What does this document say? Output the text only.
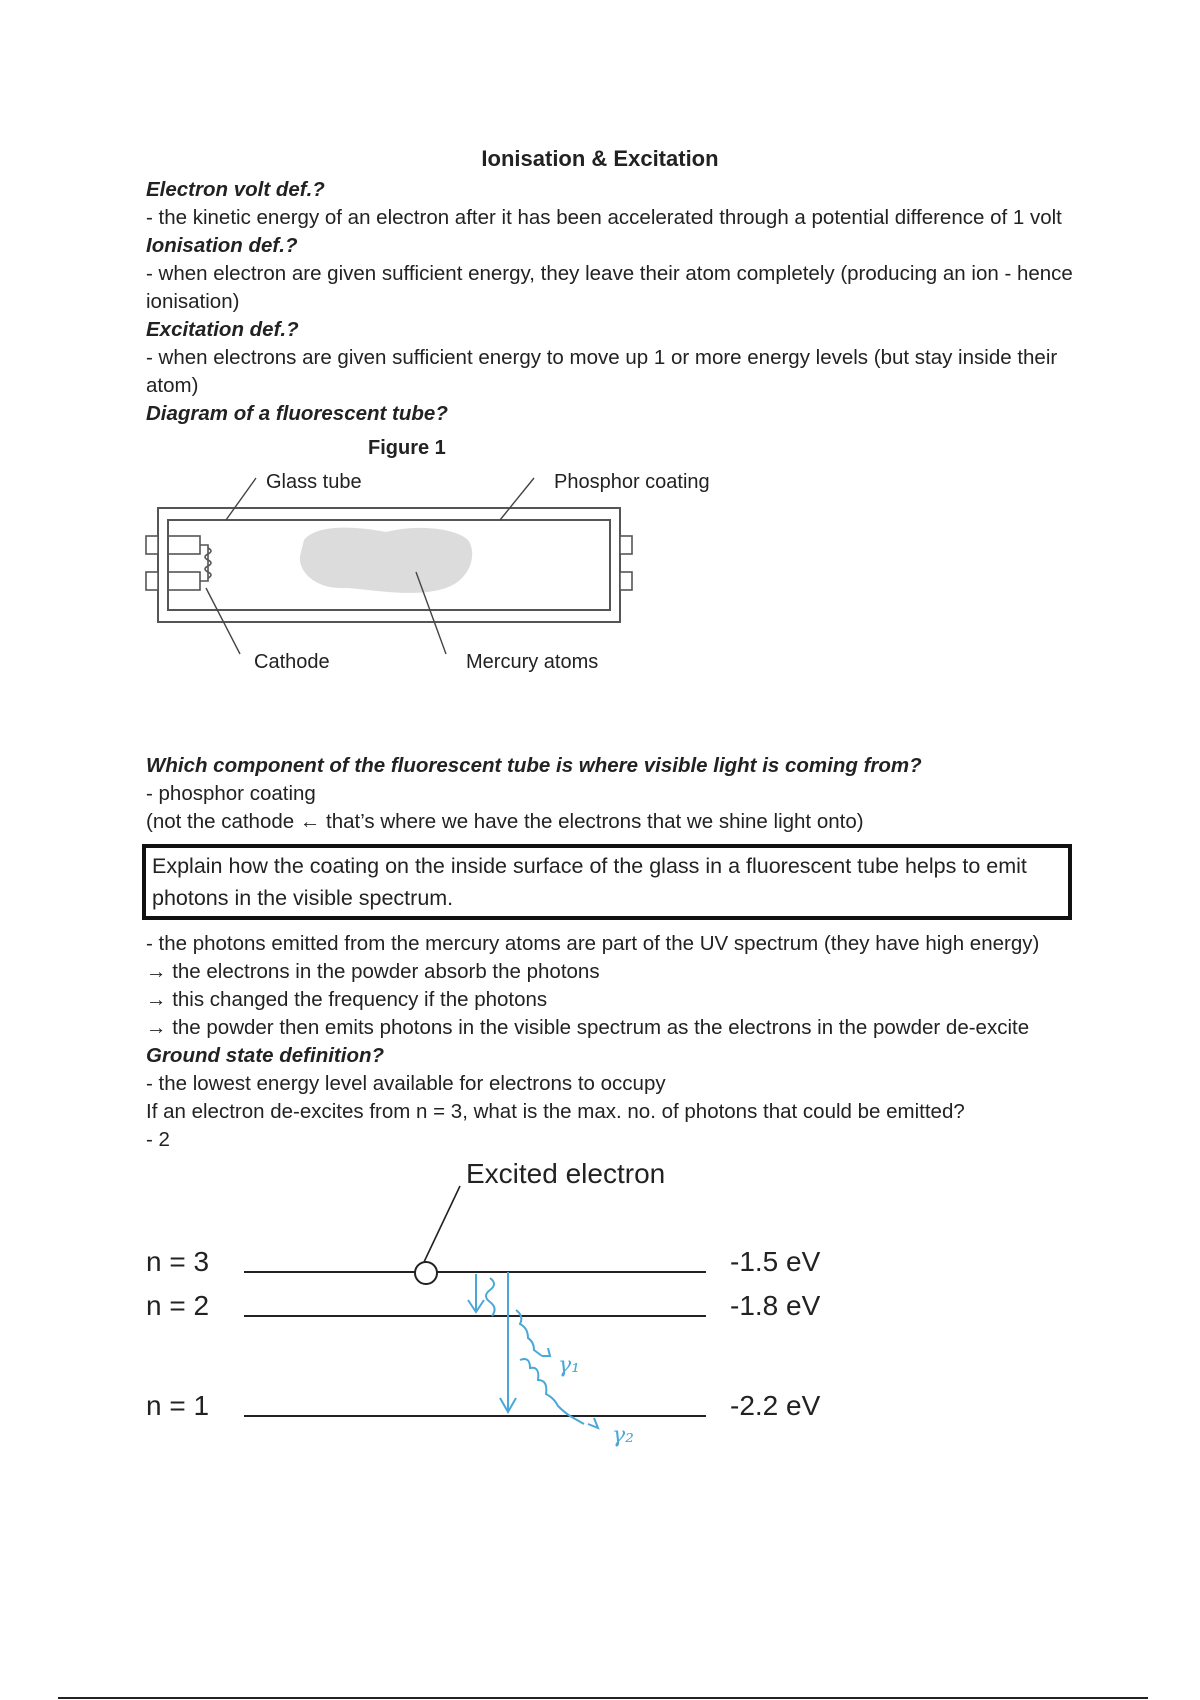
Ionisation & Excitation

Electron volt def.?

- the kinetic energy of an electron after it has been accelerated through a potential difference of 1 volt

Ionisation def.?

- when electron are given sufficient energy, they leave their atom completely (producing an ion - hence ionisation)

Excitation def.?

- when electrons are given sufficient energy to move up 1 or more energy levels (but stay inside their atom)

Diagram of a fluorescent tube?

Figure 1
Glass tube	Phosphor coating
Cathode	Mercury atoms

Which component of the fluorescent tube is where visible light is coming from?

- phosphor coating

(not the cathode ← that’s where we have the electrons that we shine light onto)

Explain how the coating on the inside surface of the glass in a fluorescent tube helps to emit photons in the visible spectrum.

- the photons emitted from the mercury atoms are part of the UV spectrum (they have high energy)

→ the electrons in the powder absorb the photons

→ this changed the frequency if the photons

→ the powder then emits photons in the visible spectrum as the electrons in the powder de-excite

Ground state definition?

- the lowest energy level available for electrons to occupy

If an electron de-excites from n = 3, what is the max. no. of photons that could be emitted?

- 2

Excited electron
n = 3
n = 2
n = 1
-1.5 eV
-1.8 eV
-2.2 eV
γ₁
γ₂
